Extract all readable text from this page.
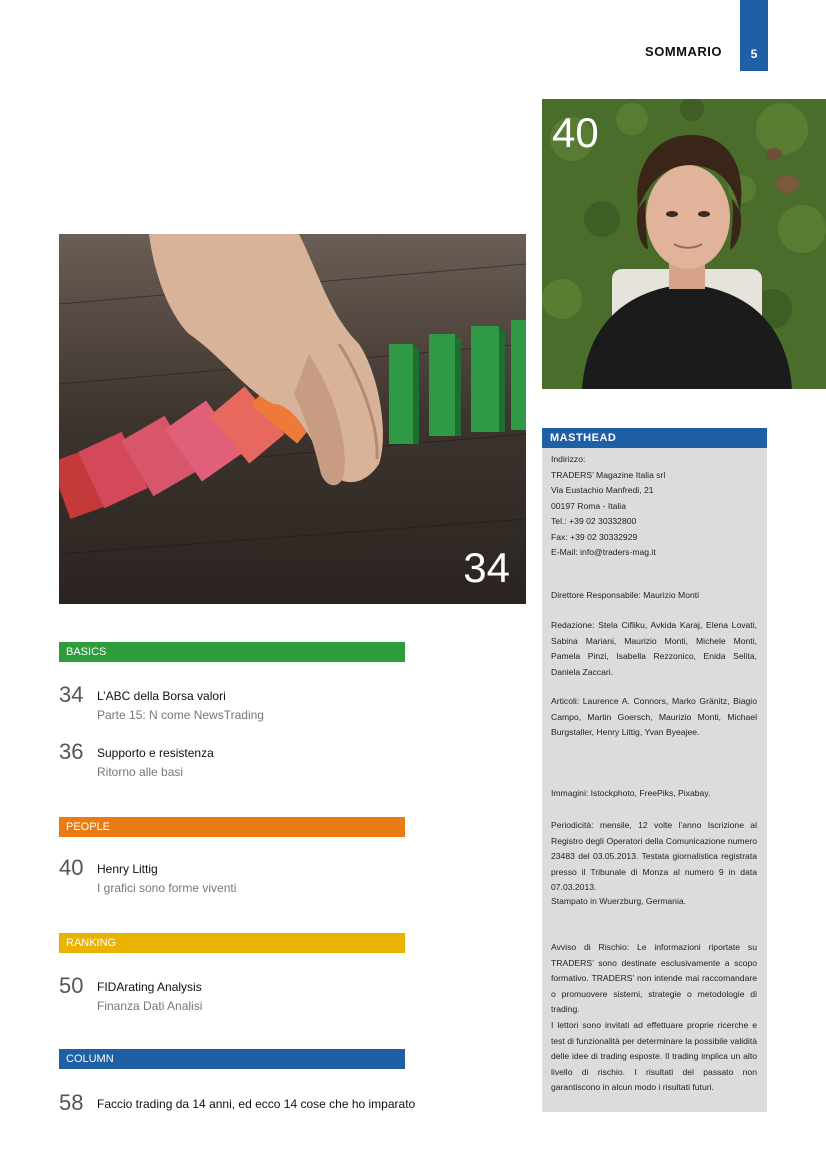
SOMMARIO	5
34
40
BASICS
34 L’ABC della Borsa valori
Parte 15: N come NewsTrading
36 Supporto e resistenza
Ritorno alle basi
PEOPLE
40 Henry Littig
I grafici sono forme viventi
RANKING
50 FIDArating Analysis
Finanza Dati Analisi
COLUMN
58 Faccio trading da 14 anni, ed ecco 14 cose che ho imparato
MASTHEAD
Indirizzo:
TRADERS’ Magazine Italia srl
Via Eustachio Manfredi, 21
00197 Roma - Italia
Tel.: +39 02 30332800
Fax: +39 02 30332929
E-Mail: info@traders-mag.it
Direttore Responsabile: Maurizio Monti
Redazione: Stela Cifliku, Avkida Karaj, Elena Lovati, Sabina Mariani, Maurizio Monti, Michele Monti, Pamela Pinzi, Isabella Rezzonico, Enida Selita, Daniela Zaccari.
Articoli: Laurence A. Connors, Marko Gränitz, Biagio Campo, Martin Goersch, Maurizio Monti, Michael Burgstaller, Henry Littig, Yvan Byeajee.
Immagini: Istockphoto, FreePiks, Pixabay.
Periodicità: mensile, 12 volte l’anno Iscrizione al Registro degli Operatori della Comunicazione numero 23483 del 03.05.2013. Testata giornalistica registrata presso il Tribunale di Monza al numero 9 in data 07.03.2013.
Stampato in Wuerzburg, Germania.
Avviso di Rischio: Le informazioni riportate su TRADERS’ sono destinate esclusivamente a scopo formativo. TRADERS’ non intende mai raccomandare o promuovere sistemi, strategie o metodologie di trading.
I lettori sono invitati ad effettuare proprie ricerche e test di funzionalità per determinare la possibile validità delle idee di trading esposte. Il trading implica un alto livello di rischio. I risultati del passato non garantiscono in alcun modo i risultati futuri.
